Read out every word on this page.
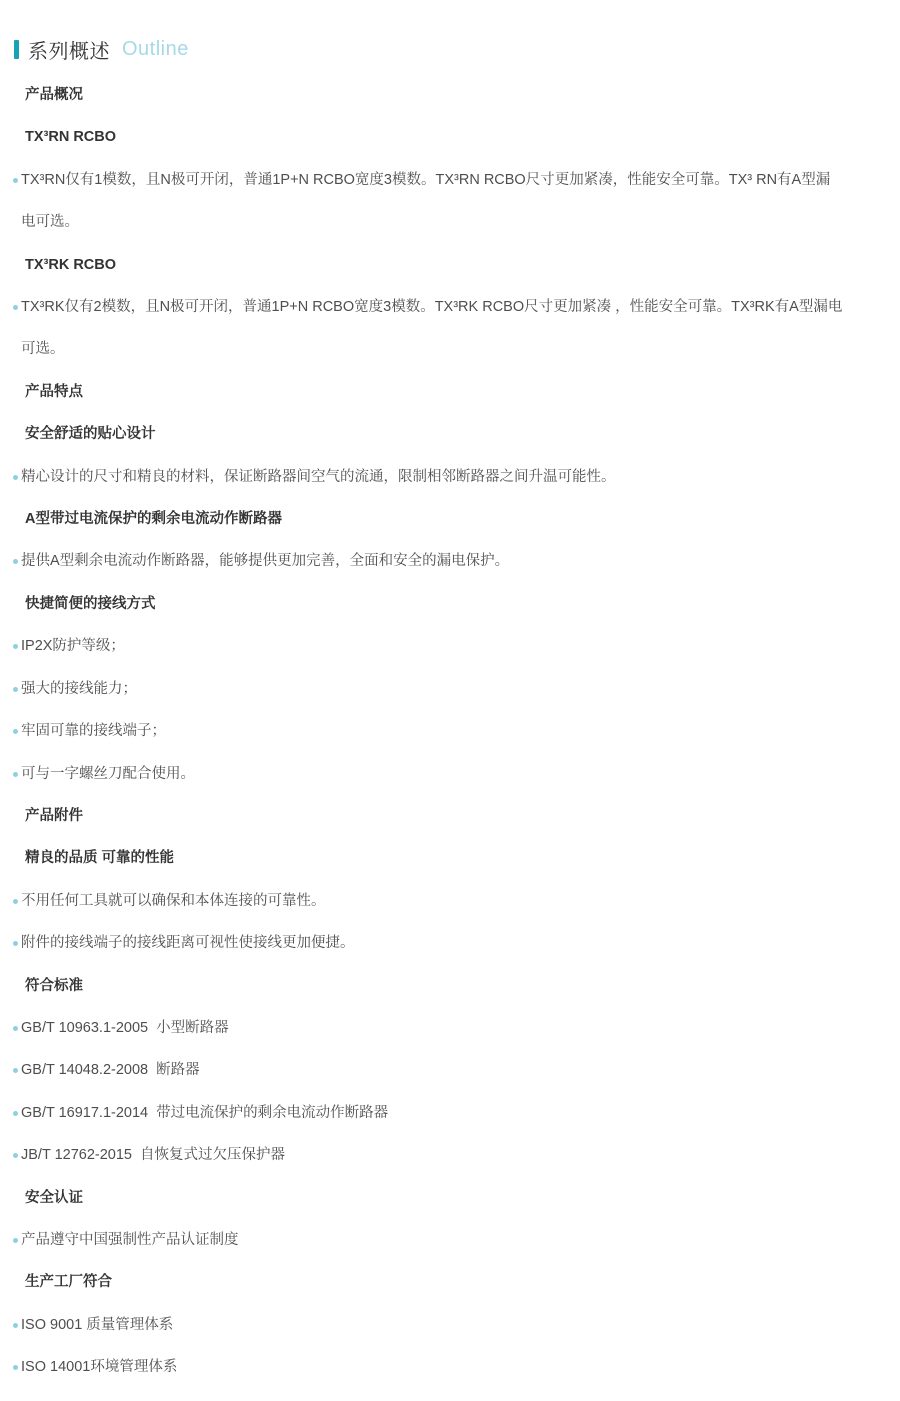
系列概述 Outline
产品概况
TX³RN RCBO
TX³RN仅有1模数，且N极可开闭，普通1P+N RCBO宽度3模数。TX³RN RCBO尺寸更加紧凑，性能安全可靠。TX³ RN有A型漏电可选。
TX³RK RCBO
TX³RK仅有2模数，且N极可开闭，普通1P+N RCBO宽度3模数。TX³RK RCBO尺寸更加紧凑 ，性能安全可靠。TX³RK有A型漏电可选。
产品特点
安全舒适的贴心设计
精心设计的尺寸和精良的材料，保证断路器间空气的流通，限制相邻断路器之间升温可能性。
A型带过电流保护的剩余电流动作断路器
提供A型剩余电流动作断路器，能够提供更加完善，全面和安全的漏电保护。
快捷简便的接线方式
IP2X防护等级；
强大的接线能力；
牢固可靠的接线端子；
可与一字螺丝刀配合使用。
产品附件
精良的品质 可靠的性能
不用任何工具就可以确保和本体连接的可靠性。
附件的接线端子的接线距离可视性使接线更加便捷。
符合标准
GB/T 10963.1-2005  小型断路器
GB/T 14048.2-2008  断路器
GB/T 16917.1-2014  带过电流保护的剩余电流动作断路器
JB/T 12762-2015  自恢复式过欠压保护器
安全认证
产品遵守中国强制性产品认证制度
生产工厂符合
ISO 9001 质量管理体系
ISO 14001环境管理体系
